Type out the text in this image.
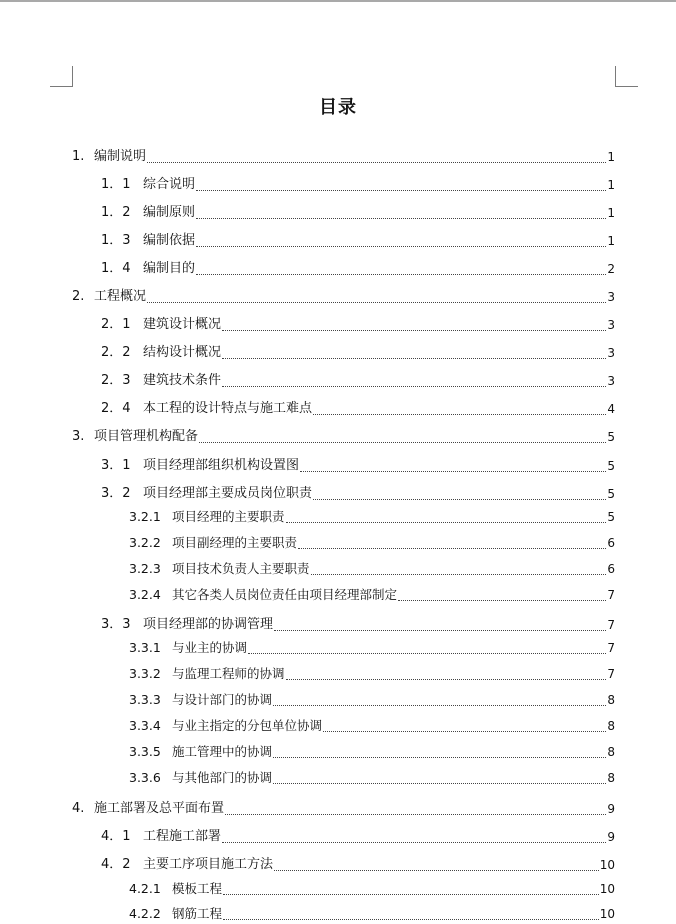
目录
1. 编制说明	1
1．1 综合说明	1
1．2 编制原则	1
1．3 编制依据	1
1．4 编制目的	2
2. 工程概况	3
2．1 建筑设计概况	3
2．2 结构设计概况	3
2．3 建筑技术条件	3
2．4 本工程的设计特点与施工难点	4
3. 项目管理机构配备	5
3．1 项目经理部组织机构设置图	5
3．2 项目经理部主要成员岗位职责	5
3.2.1 项目经理的主要职责	5
3.2.2 项目副经理的主要职责	6
3.2.3 项目技术负责人主要职责	6
3.2.4 其它各类人员岗位责任由项目经理部制定	7
3．3 项目经理部的协调管理	7
3.3.1 与业主的协调	7
3.3.2 与监理工程师的协调	7
3.3.3 与设计部门的协调	8
3.3.4 与业主指定的分包单位协调	8
3.3.5 施工管理中的协调	8
3.3.6 与其他部门的协调	8
4. 施工部署及总平面布置	9
4．1 工程施工部署	9
4．2 主要工序项目施工方法	10
4.2.1 模板工程	10
4.2.2 钢筋工程	10
